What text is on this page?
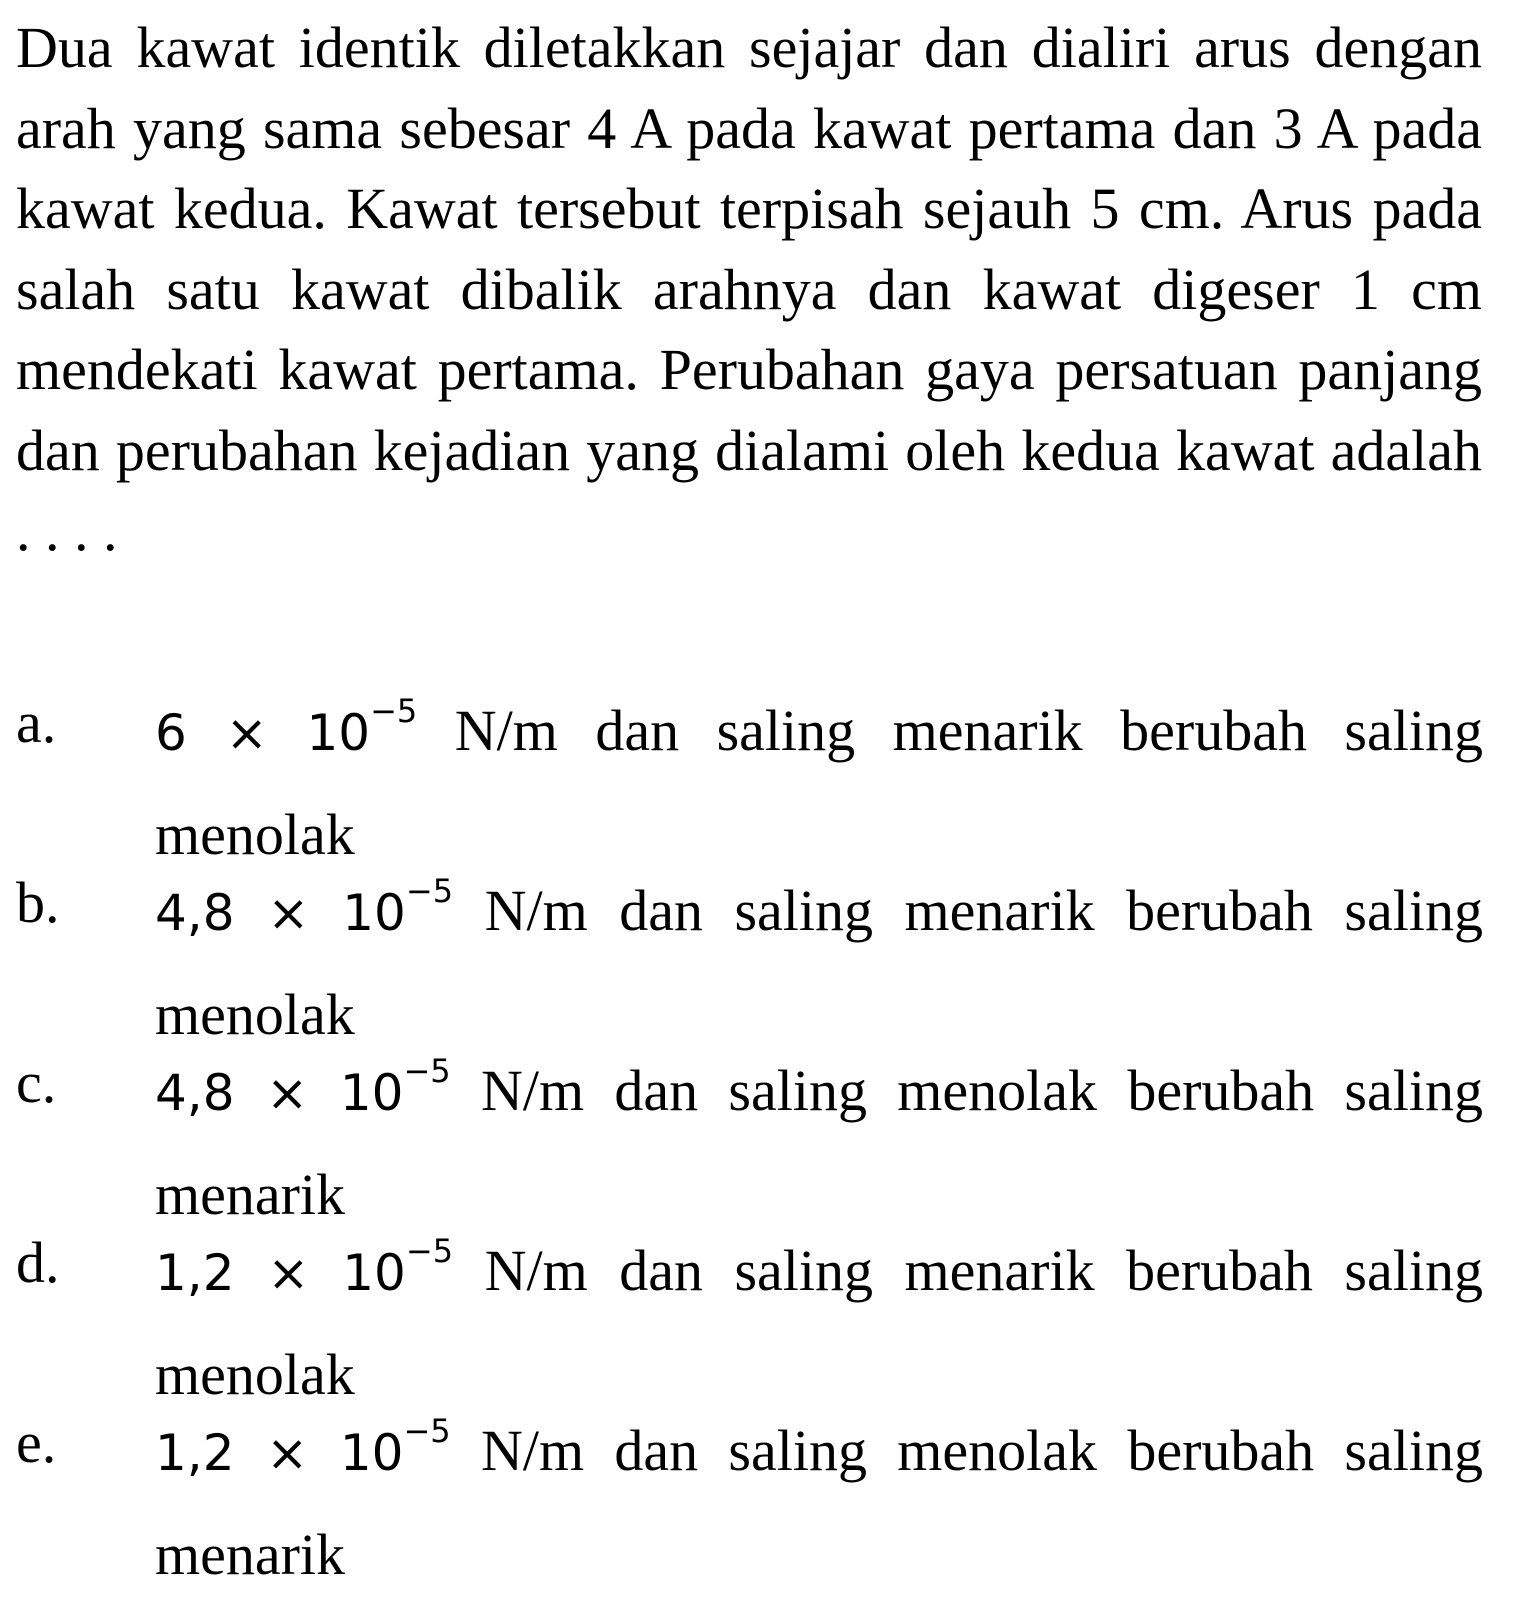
Dua kawat identik diletakkan sejajar dan dialiri arus dengan arah yang sama sebesar 4 A pada kawat pertama dan 3 A pada kawat kedua. Kawat tersebut terpisah sejauh 5 cm. Arus pada salah satu kawat dibalik arahnya dan kawat digeser 1 cm mendekati kawat pertama. Perubahan gaya persatuan panjang dan perubahan kejadian yang dialami oleh kedua kawat adalah . . . .

a. $6 \times 10^{-5}$ N/m dan saling menarik berubah saling menolak
b. $4,8 \times 10^{-5}$ N/m dan saling menarik berubah saling menolak
c. $4,8 \times 10^{-5}$ N/m dan saling menolak berubah saling menarik
d. $1,2 \times 10^{-5}$ N/m dan saling menarik berubah saling menolak
e. $1,2 \times 10^{-5}$ N/m dan saling menolak berubah saling menarik
